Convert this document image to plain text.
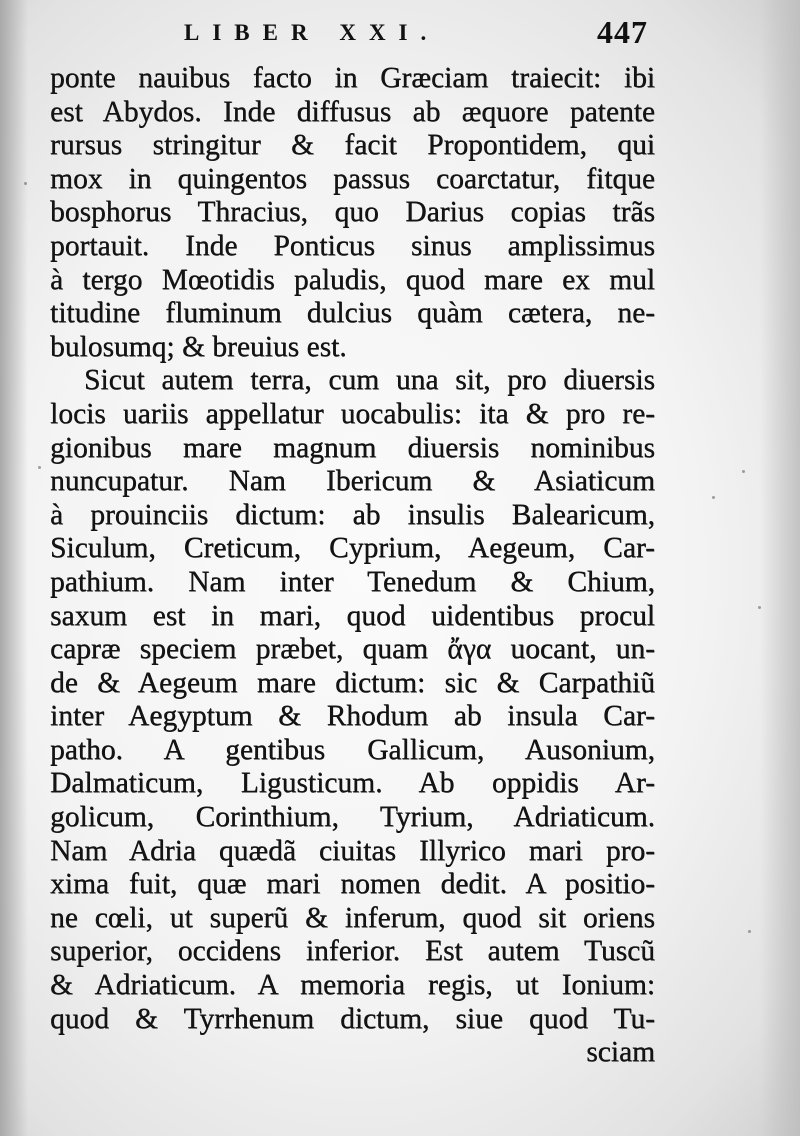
LIBER XXI.	447
ponte nauibus facto in Græciam traiecit: ibi
est Abydos. Inde diffusus ab æquore patente
rursus stringitur & facit Propontidem, qui
mox in quingentos passus coarctatur, fitque
bosphorus Thracius, quo Darius copias trãs
portauit. Inde Ponticus sinus amplissimus
à tergo Mœotidis paludis, quod mare ex mul
titudine fluminum dulcius quàm cætera, ne-
bulosumq; & breuius est.
Sicut autem terra, cum una sit, pro diuersis
locis uariis appellatur uocabulis: ita & pro re-
gionibus mare magnum diuersis nominibus
nuncupatur. Nam Ibericum & Asiaticum
à prouinciis dictum: ab insulis Balearicum,
Siculum, Creticum, Cyprium, Aegeum, Car-
pathium. Nam inter Tenedum & Chium,
saxum est in mari, quod uidentibus procul
capræ speciem præbet, quam ἄγα uocant, un-
de & Aegeum mare dictum: sic & Carpathiũ
inter Aegyptum & Rhodum ab insula Car-
patho. A gentibus Gallicum, Ausonium,
Dalmaticum, Ligusticum. Ab oppidis Ar-
golicum, Corinthium, Tyrium, Adriaticum.
Nam Adria quædã ciuitas Illyrico mari pro-
xima fuit, quæ mari nomen dedit. A positio-
ne cœli, ut superũ & inferum, quod sit oriens
superior, occidens inferior. Est autem Tuscũ
& Adriaticum. A memoria regis, ut Ionium:
quod & Tyrrhenum dictum, siue quod Tu-
sciam
